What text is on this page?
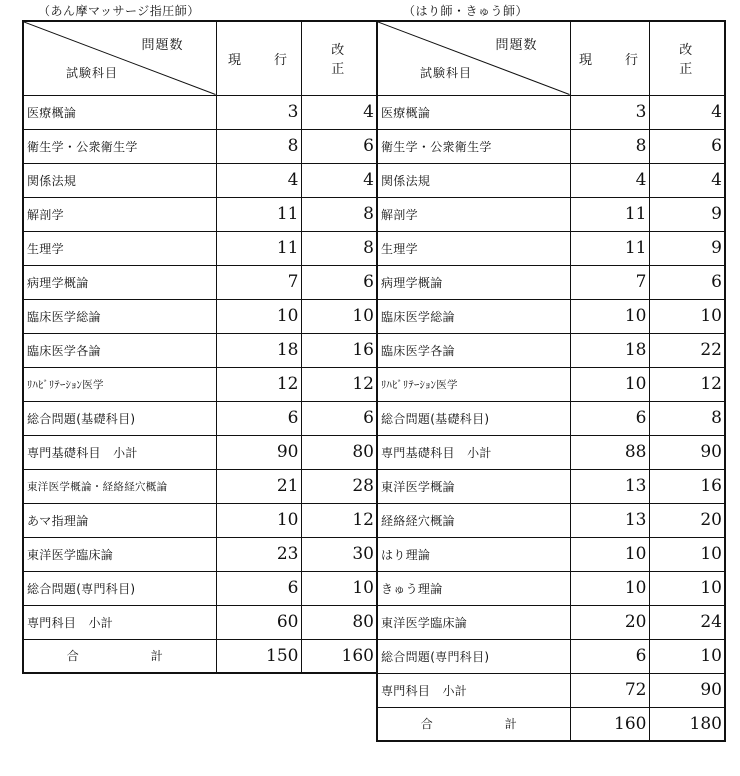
（あん摩マッサージ指圧師）	（はり師・きゅう師）
問題数
試験科目	現　行	改　正
医療概論	3	4
衛生学・公衆衛生学	8	6
関係法規	4	4
解剖学	11	8
生理学	11	8
病理学概論	7	6
臨床医学総論	10	10
臨床医学各論	18	16
ﾘﾊﾋﾞﾘﾃｰｼｮﾝ医学	12	12
総合問題(基礎科目)	6	6
専門基礎科目　小計	90	80
東洋医学概論・経絡経穴概論	21	28
あマ指理論	10	12
東洋医学臨床論	23	30
総合問題(専門科目)	6	10
専門科目　小計	60	80
合　計	150	160
問題数
試験科目	現　行	改　正
医療概論	3	4
衛生学・公衆衛生学	8	6
関係法規	4	4
解剖学	11	9
生理学	11	9
病理学概論	7	6
臨床医学総論	10	10
臨床医学各論	18	22
ﾘﾊﾋﾞﾘﾃｰｼｮﾝ医学	10	12
総合問題(基礎科目)	6	8
専門基礎科目　小計	88	90
東洋医学概論	13	16
経絡経穴概論	13	20
はり理論	10	10
きゅう理論	10	10
東洋医学臨床論	20	24
総合問題(専門科目)	6	10
専門科目　小計	72	90
合　計	160	180
